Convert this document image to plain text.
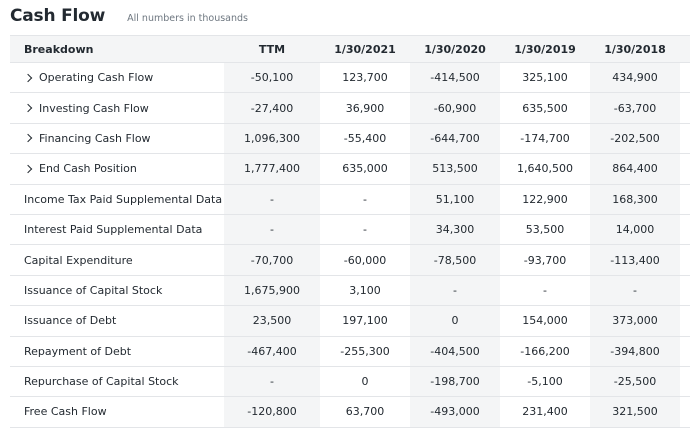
Cash Flow All numbers in thousands
Breakdown	TTM	1/30/2021	1/30/2020	1/30/2019	1/30/2018
Operating Cash Flow	-50,100	123,700	-414,500	325,100	434,900
Investing Cash Flow	-27,400	36,900	-60,900	635,500	-63,700
Financing Cash Flow	1,096,300	-55,400	-644,700	-174,700	-202,500
End Cash Position	1,777,400	635,000	513,500	1,640,500	864,400
Income Tax Paid Supplemental Data	-	-	51,100	122,900	168,300
Interest Paid Supplemental Data	-	-	34,300	53,500	14,000
Capital Expenditure	-70,700	-60,000	-78,500	-93,700	-113,400
Issuance of Capital Stock	1,675,900	3,100	-	-	-
Issuance of Debt	23,500	197,100	0	154,000	373,000
Repayment of Debt	-467,400	-255,300	-404,500	-166,200	-394,800
Repurchase of Capital Stock	-	0	-198,700	-5,100	-25,500
Free Cash Flow	-120,800	63,700	-493,000	231,400	321,500
